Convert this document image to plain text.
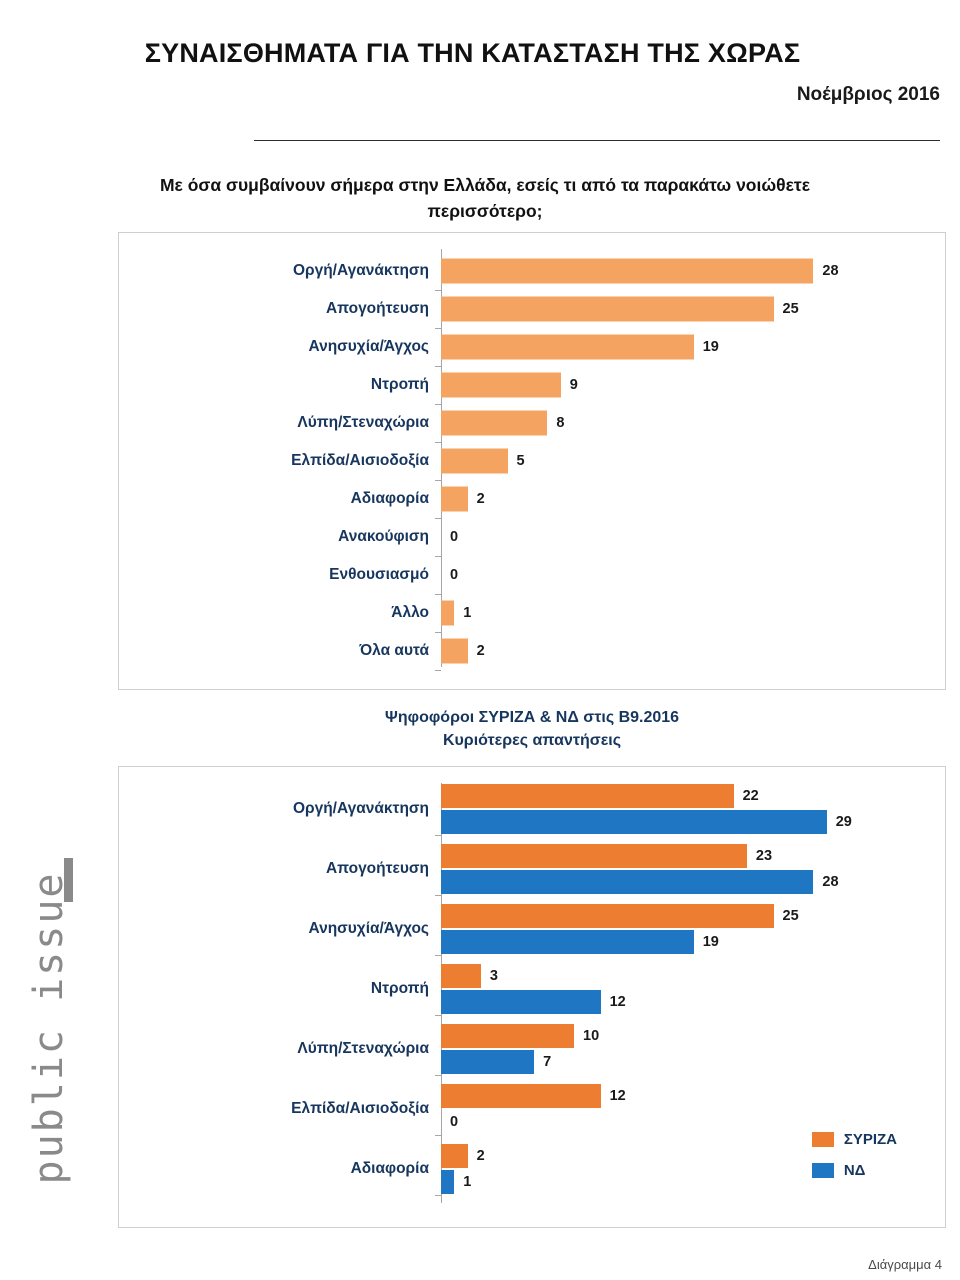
ΣΥΝΑΙΣΘΗΜΑΤΑ ΓΙΑ ΤΗΝ ΚΑΤΑΣΤΑΣΗ ΤΗΣ ΧΩΡΑΣ
Νοέμβριος 2016
Με όσα συμβαίνουν σήμερα στην Ελλάδα, εσείς τι από τα παρακάτω νοιώθετε περισσότερο;
Οργή/Αγανάκτηση	28
Απογοήτευση	25
Ανησυχία/Άγχος	19
Ντροπή	9
Λύπη/Στεναχώρια	8
Ελπίδα/Αισιοδοξία	5
Αδιαφορία	2
Ανακούφιση 0
Ενθουσιασμό 0
Άλλο 1
Όλα αυτά	2
Ψηφοφόροι ΣΥΡΙΖΑ & ΝΔ στις Β9.2016
Κυριότερες απαντήσεις
Οργή/Αγανάκτηση
22
29
Απογοήτευση
23
28
Ανησυχία/Άγχος
25
19
Ντροπή
3
12
Λύπη/Στεναχώρια
10
7
Ελπίδα/Αισιοδοξία
12
0
Αδιαφορία
2
1
ΣΥΡΙΖΑ
ΝΔ
public issue
Διάγραμμα 4
